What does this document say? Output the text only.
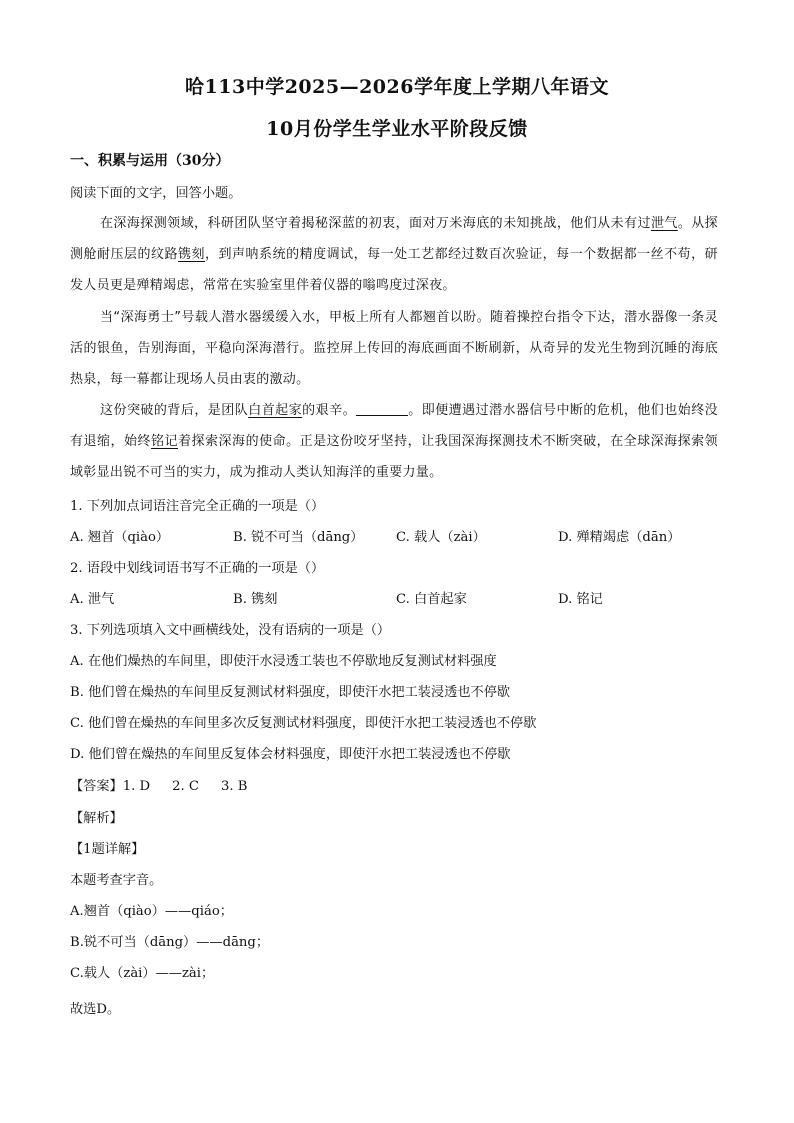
哈113中学2025—2026学年度上学期八年语文
10月份学生学业水平阶段反馈
一、积累与运用（30分）
阅读下面的文字，回答小题。
在深海探测领域，科研团队坚守着揭秘深蓝的初衷，面对万米海底的未知挑战，他们从未有过泄气。从探测舱耐压层的纹路镌刻，到声呐系统的精度调试，每一处工艺都经过数百次验证，每一个数据都一丝不苟，研发人员更是殚精竭虑，常常在实验室里伴着仪器的嗡鸣度过深夜。
当“深海勇士”号载人潜水器缓缓入水，甲板上所有人都翘首以盼。随着操控台指令下达，潜水器像一条灵活的银鱼，告别海面，平稳向深海潜行。监控屏上传回的海底画面不断刷新，从奇异的发光生物到沉睡的海底热泉，每一幕都让现场人员由衷的激动。
这份突破的背后，是团队白首起家的艰辛。	。即便遭遇过潜水器信号中断的危机，他们也始终没有退缩，始终铭记着探索深海的使命。正是这份咬牙坚持，让我国深海探测技术不断突破，在全球深海探索领域彰显出锐不可当的实力，成为推动人类认知海洋的重要力量。
1. 下列加点词语注音完全正确的一项是（）
A. 翘首（qiào）	B. 锐不可当（dāng） C. 载人（zài）	D. 殚精竭虑（dān）
2. 语段中划线词语书写不正确的一项是（）
A. 泄气	B. 镌刻	C. 白首起家	D. 铭记
3. 下列选项填入文中画横线处，没有语病的一项是（）
A. 在他们燥热的车间里，即使汗水浸透工装也不停歇地反复测试材料强度
B. 他们曾在燥热的车间里反复测试材料强度，即使汗水把工装浸透也不停歇
C. 他们曾在燥热的车间里多次反复测试材料强度，即使汗水把工装浸透也不停歇
D. 他们曾在燥热的车间里反复体会材料强度，即使汗水把工装浸透也不停歇
【答案】1. D 2. C 3. B
【解析】
【1题详解】
本题考查字音。
A.翘首（qiào）——qiáo；
B.锐不可当（dāng）——dāng；
C.载人（zài）——zài；
故选D。
